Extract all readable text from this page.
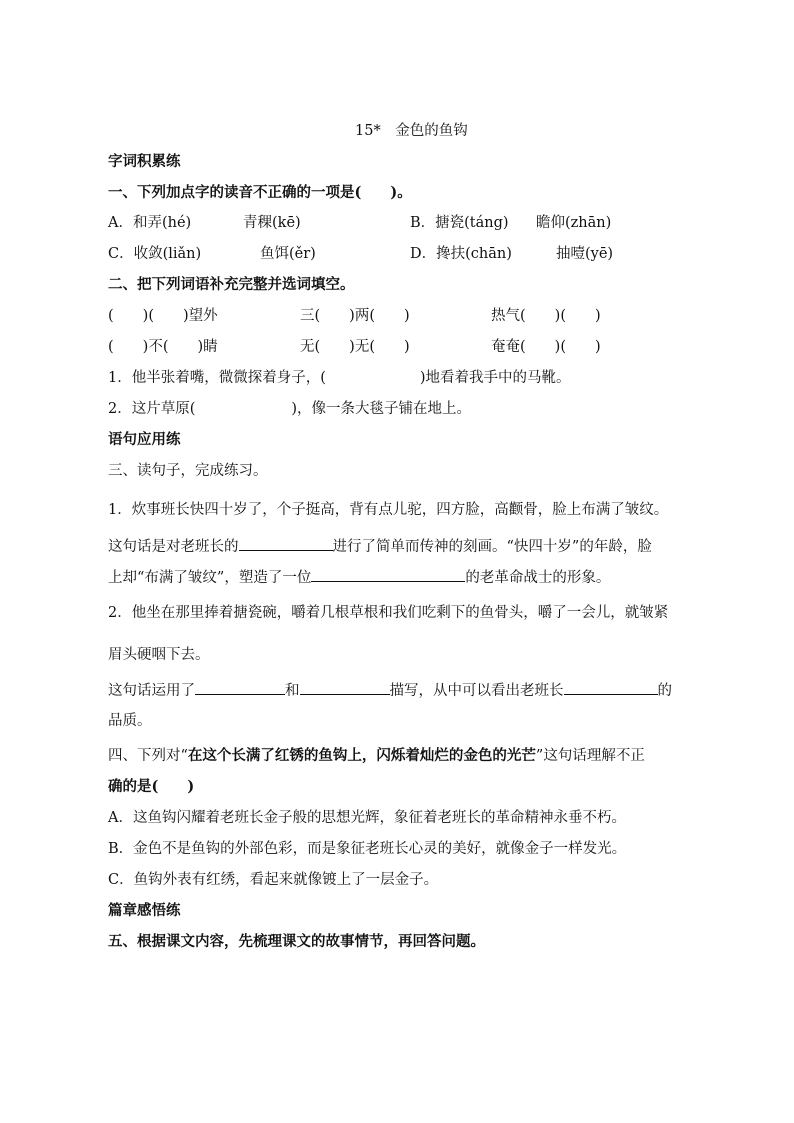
15*　金色的鱼钩
字词积累练
一、下列加点字的读音不正确的一项是(　　)。
A．和弄(hé)	青稞(kē)	B．搪瓷(táng) 瞻仰(zhān)
C．收敛(liǎn)	鱼饵(ěr)	D．搀扶(chān)	抽噎(yē)
二、把下列词语补充完整并选词填空。
(　　)(　　)望外	三(　　)两(　　)	热气(　　)(　　)
(　　)不(　　)睛	无(　　)无(　　)	奄奄(　　)(　　)
1．他半张着嘴，微微探着身子，(	)地看着我手中的马靴。
2．这片草原(	)，像一条大毯子铺在地上。
语句应用练
三、读句子，完成练习。
1．炊事班长快四十岁了，个子挺高，背有点儿驼，四方脸，高颧骨，脸上布满了皱纹。
这句话是对老班长的	进行了简单而传神的刻画。“快四十岁”的年龄，脸
上却“布满了皱纹”，塑造了一位	的老革命战士的形象。
2．他坐在那里捧着搪瓷碗，嚼着几根草根和我们吃剩下的鱼骨头，嚼了一会儿，就皱紧
眉头硬咽下去。
这句话运用了	和	描写，从中可以看出老班长	的
品质。
四、下列对“在这个长满了红锈的鱼钩上，闪烁着灿烂的金色的光芒”这句话理解不正
确的是(　　)
A．这鱼钩闪耀着老班长金子般的思想光辉，象征着老班长的革命精神永垂不朽。
B．金色不是鱼钩的外部色彩，而是象征老班长心灵的美好，就像金子一样发光。
C．鱼钩外表有红绣，看起来就像镀上了一层金子。
篇章感悟练
五、根据课文内容，先梳理课文的故事情节，再回答问题。
